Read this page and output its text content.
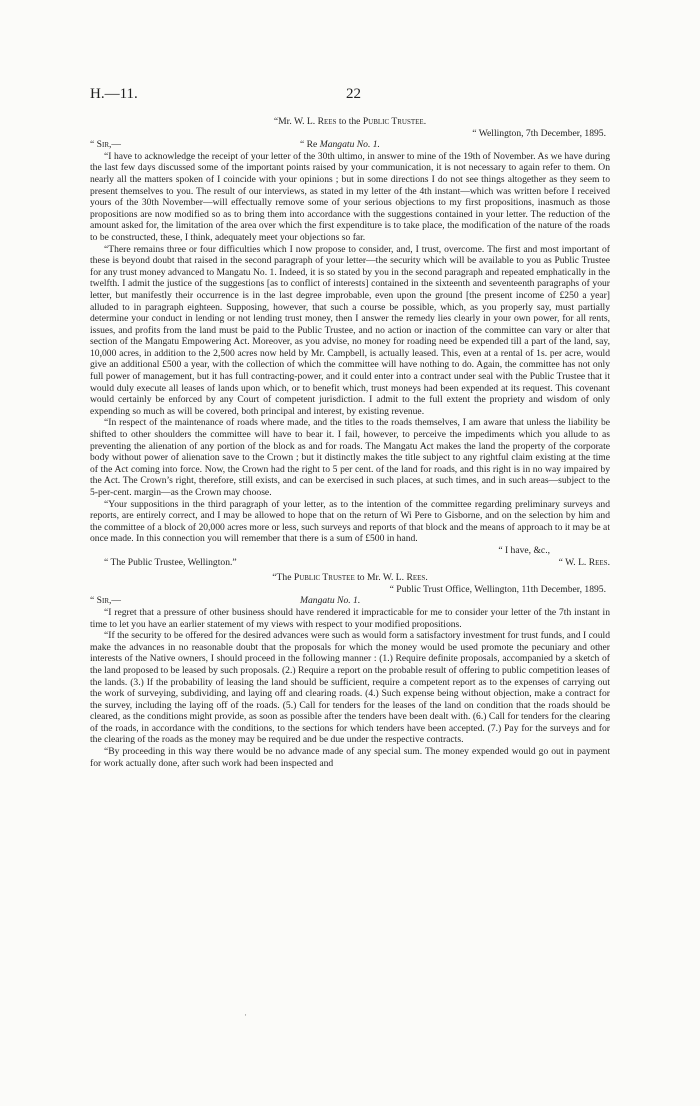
H.—11.	22

“Mr. W. L. Rees to the Public Trustee.

“ Wellington, 7th December, 1895.

“ Sir,—	“ Re Mangatu No. 1.

“I have to acknowledge the receipt of your letter of the 30th ultimo, in answer to mine of the 19th of November. As we have during the last few days discussed some of the important points raised by your communication, it is not necessary to again refer to them. On nearly all the matters spoken of I coincide with your opinions ; but in some directions I do not see things altogether as they seem to present themselves to you. The result of our interviews, as stated in my letter of the 4th instant—which was written before I received yours of the 30th November—will effectually remove some of your serious objections to my first propositions, inasmuch as those propositions are now modified so as to bring them into accordance with the suggestions contained in your letter. The reduction of the amount asked for, the limitation of the area over which the first expenditure is to take place, the modification of the nature of the roads to be constructed, these, I think, adequately meet your objections so far.

“There remains three or four difficulties which I now propose to consider, and, I trust, overcome. The first and most important of these is beyond doubt that raised in the second paragraph of your letter—the security which will be available to you as Public Trustee for any trust money advanced to Mangatu No. 1. Indeed, it is so stated by you in the second paragraph and repeated emphatically in the twelfth. I admit the justice of the suggestions [as to conflict of interests] contained in the sixteenth and seventeenth paragraphs of your letter, but manifestly their occurrence is in the last degree improbable, even upon the ground [the present income of £250 a year] alluded to in paragraph eighteen. Supposing, however, that such a course be possible, which, as you properly say, must partially determine your conduct in lending or not lending trust money, then I answer the remedy lies clearly in your own power, for all rents, issues, and profits from the land must be paid to the Public Trustee, and no action or inaction of the committee can vary or alter that section of the Mangatu Empowering Act. Moreover, as you advise, no money for roading need be expended till a part of the land, say, 10,000 acres, in addition to the 2,500 acres now held by Mr. Campbell, is actually leased. This, even at a rental of 1s. per acre, would give an additional £500 a year, with the collection of which the committee will have nothing to do. Again, the committee has not only full power of management, but it has full contracting-power, and it could enter into a contract under seal with the Public Trustee that it would duly execute all leases of lands upon which, or to benefit which, trust moneys had been expended at its request. This covenant would certainly be enforced by any Court of competent jurisdiction. I admit to the full extent the propriety and wisdom of only expending so much as will be covered, both principal and interest, by existing revenue.

“In respect of the maintenance of roads where made, and the titles to the roads themselves, I am aware that unless the liability be shifted to other shoulders the committee will have to bear it. I fail, however, to perceive the impediments which you allude to as preventing the alienation of any portion of the block as and for roads. The Mangatu Act makes the land the property of the corporate body without power of alienation save to the Crown ; but it distinctly makes the title subject to any rightful claim existing at the time of the Act coming into force. Now, the Crown had the right to 5 per cent. of the land for roads, and this right is in no way impaired by the Act. The Crown’s right, therefore, still exists, and can be exercised in such places, at such times, and in such areas—subject to the 5-per-cent. margin—as the Crown may choose.

“Your suppositions in the third paragraph of your letter, as to the intention of the committee regarding preliminary surveys and reports, are entirely correct, and I may be allowed to hope that on the return of Wi Pere to Gisborne, and on the selection by him and the committee of a block of 20,000 acres more or less, such surveys and reports of that block and the means of approach to it may be at once made. In this connection you will remember that there is a sum of £500 in hand.

“ I have, &c.,

“ The Public Trustee, Wellington.”	“ W. L. Rees.

“The Public Trustee to Mr. W. L. Rees.

“ Public Trust Office, Wellington, 11th December, 1895.

“ Sir,—	Mangatu No. 1.

“I regret that a pressure of other business should have rendered it impracticable for me to consider your letter of the 7th instant in time to let you have an earlier statement of my views with respect to your modified propositions.

“If the security to be offered for the desired advances were such as would form a satisfactory investment for trust funds, and I could make the advances in no reasonable doubt that the proposals for which the money would be used promote the pecuniary and other interests of the Native owners, I should proceed in the following manner : (1.) Require definite proposals, accompanied by a sketch of the land proposed to be leased by such proposals. (2.) Require a report on the probable result of offering to public competition leases of the lands. (3.) If the probability of leasing the land should be sufficient, require a competent report as to the expenses of carrying out the work of surveying, subdividing, and laying off and clearing roads. (4.) Such expense being without objection, make a contract for the survey, including the laying off of the roads. (5.) Call for tenders for the leases of the land on condition that the roads should be cleared, as the conditions might provide, as soon as possible after the tenders have been dealt with. (6.) Call for tenders for the clearing of the roads, in accordance with the conditions, to the sections for which tenders have been accepted. (7.) Pay for the surveys and for the clearing of the roads as the money may be required and be due under the respective contracts.

“By proceeding in this way there would be no advance made of any special sum. The money expended would go out in payment for work actually done, after such work had been inspected and

·
